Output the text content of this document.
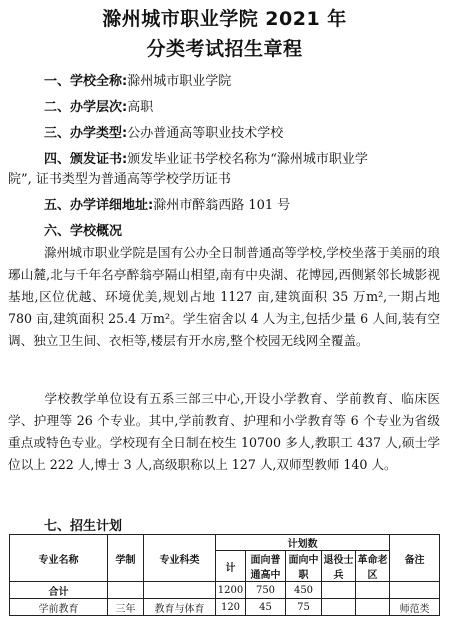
滁州城市职业学院 2021 年
分类考试招生章程
一、学校全称:滁州城市职业学院
二、办学层次:高职
三、办学类型:公办普通高等职业技术学校
四、颁发证书:颁发毕业证书学校名称为“滁州城市职业学
院”, 证书类型为普通高等学校学历证书
五、办学详细地址:滁州市醉翁西路 101 号
六、学校概况
滁州城市职业学院是国有公办全日制普通高等学校,学校坐落于美丽的琅琊山麓,北与千年名亭醉翁亭隔山相望,南有中央湖、花博园,西侧紧邻长城影视基地,区位优越、环境优美,规划占地 1127 亩,建筑面积 35 万m²,一期占地 780 亩,建筑面积 25.4 万m²。学生宿舍以 4 人为主,包括少量 6 人间,装有空调、独立卫生间、衣柜等,楼层有开水房,整个校园无线网全覆盖。
学校教学单位设有五系三部三中心,开设小学教育、学前教育、临床医学、护理等 26 个专业。其中,学前教育、护理和小学教育等 6 个专业为省级重点或特色专业。学校现有全日制在校生 10700 多人,教职工 437 人,硕士学位以上 222 人,博士 3 人,高级职称以上 127 人,双师型教师 140 人。
七、招生计划
专业名称	学制	专业科类	计划数					备注
			计	面向普通高中	面向中职	退役士兵	革命老区	
合计			1200	750	450			
学前教育	三年	教育与体育	120	45	75			师范类
